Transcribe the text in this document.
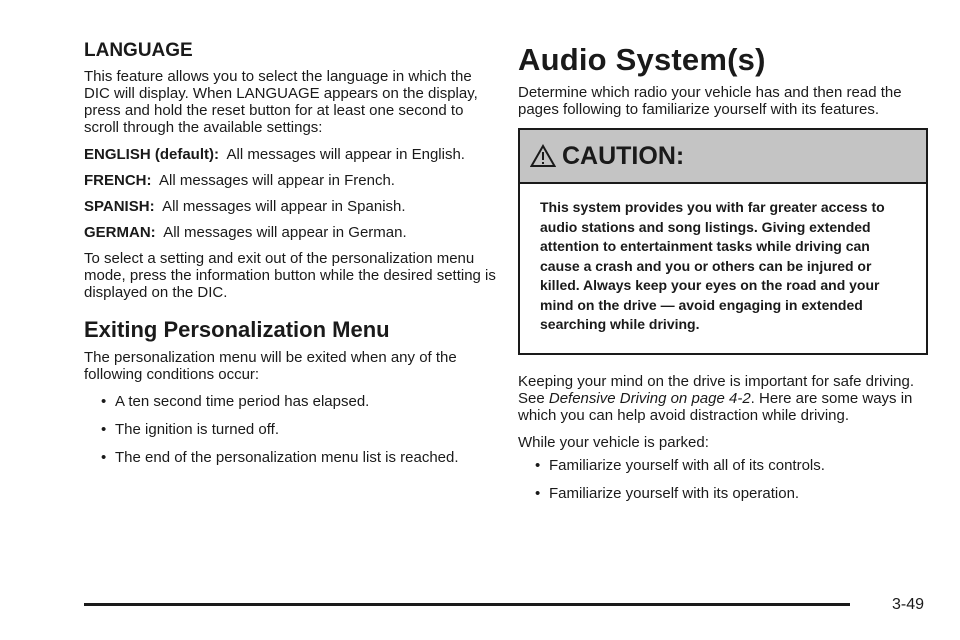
LANGUAGE

This feature allows you to select the language in which the DIC will display. When LANGUAGE appears on the display, press and hold the reset button for at least one second to scroll through the available settings:

ENGLISH (default): All messages will appear in English.

FRENCH: All messages will appear in French.

SPANISH: All messages will appear in Spanish.

GERMAN: All messages will appear in German.

To select a setting and exit out of the personalization menu mode, press the information button while the desired setting is displayed on the DIC.

Exiting Personalization Menu

The personalization menu will be exited when any of the following conditions occur:

• A ten second time period has elapsed.
• The ignition is turned off.
• The end of the personalization menu list is reached.
Audio System(s)

Determine which radio your vehicle has and then read the pages following to familiarize yourself with its features.

CAUTION:
This system provides you with far greater access to audio stations and song listings. Giving extended attention to entertainment tasks while driving can cause a crash and you or others can be injured or killed. Always keep your eyes on the road and your mind on the drive — avoid engaging in extended searching while driving.

Keeping your mind on the drive is important for safe driving. See Defensive Driving on page 4-2. Here are some ways in which you can help avoid distraction while driving.

While your vehicle is parked:

• Familiarize yourself with all of its controls.
• Familiarize yourself with its operation.
3-49
